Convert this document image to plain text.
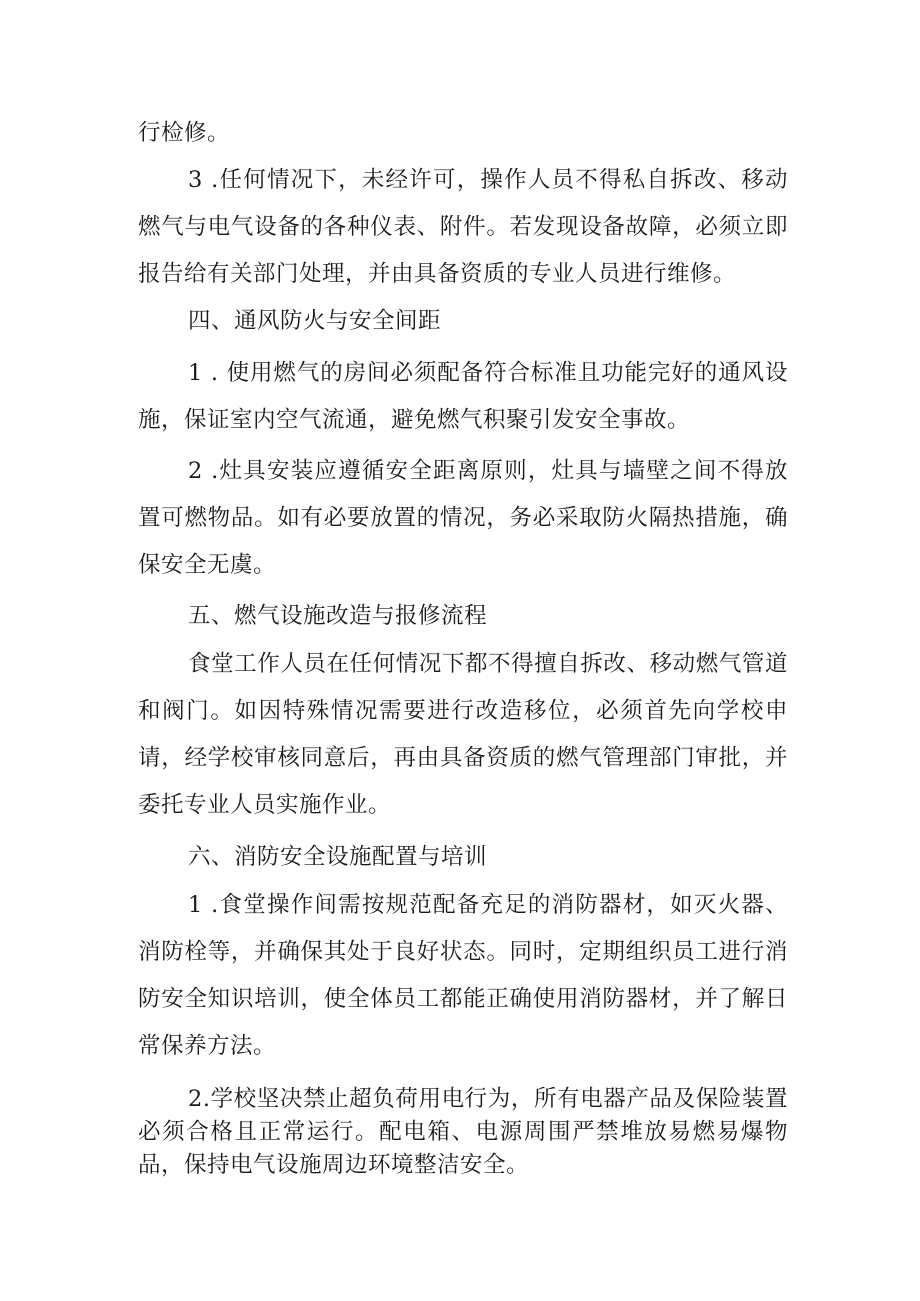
行检修。

3 .任何情况下，未经许可，操作人员不得私自拆改、移动燃气与电气设备的各种仪表、附件。若发现设备故障，必须立即报告给有关部门处理，并由具备资质的专业人员进行维修。

四、通风防火与安全间距

1 . 使用燃气的房间必须配备符合标准且功能完好的通风设施，保证室内空气流通，避免燃气积聚引发安全事故。

2 .灶具安装应遵循安全距离原则，灶具与墙壁之间不得放置可燃物品。如有必要放置的情况，务必采取防火隔热措施，确保安全无虞。

五、燃气设施改造与报修流程

食堂工作人员在任何情况下都不得擅自拆改、移动燃气管道和阀门。如因特殊情况需要进行改造移位，必须首先向学校申请，经学校审核同意后，再由具备资质的燃气管理部门审批，并委托专业人员实施作业。

六、消防安全设施配置与培训

1 .食堂操作间需按规范配备充足的消防器材，如灭火器、消防栓等，并确保其处于良好状态。同时，定期组织员工进行消防安全知识培训，使全体员工都能正确使用消防器材，并了解日常保养方法。

2.学校坚决禁止超负荷用电行为，所有电器产品及保险装置必须合格且正常运行。配电箱、电源周围严禁堆放易燃易爆物品，保持电气设施周边环境整洁安全。
